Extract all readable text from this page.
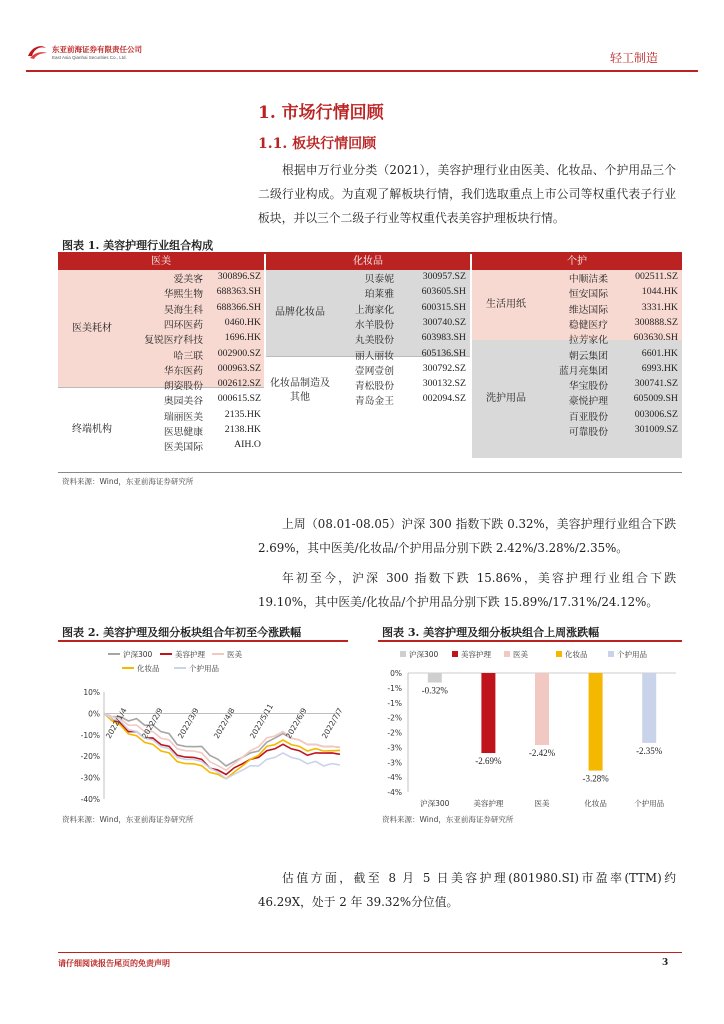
东亚前海证券有限责任公司
East Asia Qianhai Securities Co., Ltd.	轻工制造
1. 市场行情回顾
1.1. 板块行情回顾
根据申万行业分类（2021），美容护理行业由医美、化妆品、个护用品三个二级行业构成。为直观了解板块行情，我们选取重点上市公司等权重代表子行业板块，并以三个二级子行业等权重代表美容护理板块行情。
图表 1. 美容护理行业组合构成
医美	化妆品	个护
医美耗材
终端机构
品牌化妆品
化妆品制造及其他
生活用纸
洗护用品
爱美客	300896.SZ
华熙生物	688363.SH
昊海生科	688366.SH
四环医药	0460.HK
复锐医疗科技	1696.HK
哈三联	002900.SZ
华东医药	000963.SZ
朗姿股份	002612.SZ
奥园美谷	000615.SZ
瑞丽医美	2135.HK
医思健康	2138.HK
医美国际	AIH.O
贝泰妮	300957.SZ
珀莱雅	603605.SH
上海家化	600315.SH
水羊股份	300740.SZ
丸美股份	603983.SH
丽人丽妆	605136.SH
壹网壹创	300792.SZ
青松股份	300132.SZ
青岛金王	002094.SZ
中顺洁柔	002511.SZ
恒安国际	1044.HK
维达国际	3331.HK
稳健医疗	300888.SZ
拉芳家化	603630.SH
朝云集团	6601.HK
蓝月亮集团	6993.HK
华宝股份	300741.SZ
豪悦护理	605009.SH
百亚股份	003006.SZ
可靠股份	301009.SZ
资料来源：Wind，东亚前海证券研究所
上周（08.01-08.05）沪深 300 指数下跌 0.32%，美容护理行业组合下跌 2.69%，其中医美/化妆品/个护用品分别下跌 2.42%/3.28%/2.35%。
年初至今，沪深 300 指数下跌 15.86%，美容护理行业组合下跌 19.10%，其中医美/化妆品/个护用品分别下跌 15.89%/17.31%/24.12%。
图表 2. 美容护理及细分板块组合年初至今涨跌幅	图表 3. 美容护理及细分板块组合上周涨跌幅
沪深300	美容护理	医美
化妆品	个护用品
10%
0%
-10%
-20%
-30%
-40%
2022/1/4 2022/2/9 2022/3/9 2022/4/8 2022/5/11 2022/6/9 2022/7/7
沪深300	美容护理	医美	化妆品	个护用品
0%
-1%
-1%
-2%
-2%
-3%
-3%
-4%
-4%
-0.32%
沪深300
-2.69%
美容护理
-2.42%
医美
-3.28%
化妆品
-2.35%
个护用品
资料来源：Wind，东亚前海证券研究所	资料来源：Wind，东亚前海证券研究所
估值方面，截至 8 月 5 日美容护理(801980.SI)市盈率(TTM)约 46.29X，处于 2 年 39.32%分位值。
请仔细阅读报告尾页的免责声明	3
